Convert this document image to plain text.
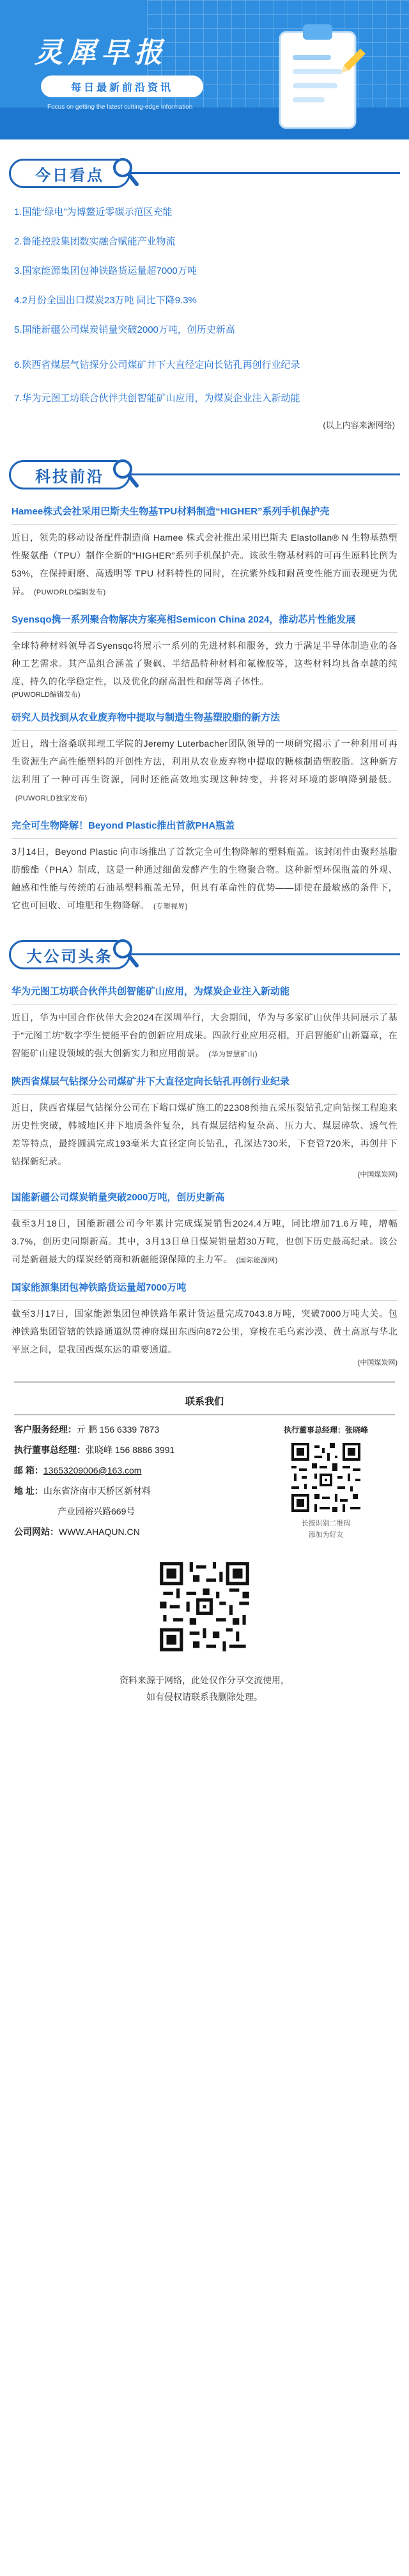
灵犀早报
每日最新前沿资讯
Focus on getting the latest cutting-edge information
今日看点
1.国能“绿电”为博鳌近零碳示范区充能
2.鲁能控股集团数实融合赋能产业物流
3.国家能源集团包神铁路货运量超7000万吨
4.2月份全国出口煤炭23万吨 同比下降9.3%
5.国能新疆公司煤炭销量突破2000万吨，创历史新高
6.陕西省煤层气钻探分公司煤矿井下大直径定向长钻孔再创行业纪录
7.华为元图工坊联合伙伴共创智能矿山应用，为煤炭企业注入新动能
(以上内容来源网络)
科技前沿
Hamee株式会社采用巴斯夫生物基TPU材料制造“HIGHER”系列手机保护壳
近日，领先的移动设备配件制造商 Hamee 株式会社推出采用巴斯夫 Elastollan® N 生物基热塑性聚氨酯（TPU）制作全新的“HIGHER”系列手机保护壳。该款生物基材料的可再生原料比例为 53%，在保持耐磨、高透明等 TPU 材料特性的同时，在抗紫外线和耐黄变性能方面表现更为优异。 (PUWORLD编辑发布)
Syensqo携一系列聚合物解决方案亮相Semicon China 2024，推动芯片性能发展
全球特种材料领导者Syensqo将展示一系列的先进材料和服务，致力于满足半导体制造业的各种工艺需求。其产品组合涵盖了聚砜、半结晶特种材料和氟橡胶等，这些材料均具备卓越的纯度、持久的化学稳定性，以及优化的耐高温性和耐等离子体性。
(PUWORLD编辑发布)
研究人员找到从农业废弃物中提取与制造生物基塑胶脂的新方法
近日，瑞士洛桑联邦理工学院的Jeremy Luterbacher团队领导的一项研究揭示了一种利用可再生资源生产高性能塑料的开创性方法，利用从农业废弃物中提取的糖核制造塑胶脂。这种新方法利用了一种可再生资源，同时还能高效地实现这种转变，并将对环境的影响降到最低。(PUWORLD独家发布)
完全可生物降解！Beyond Plastic推出首款PHA瓶盖
3月14日，Beyond Plastic 向市场推出了首款完全可生物降解的塑料瓶盖。该封闭件由聚羟基脂肪酸酯（PHA）制成，这是一种通过细菌发酵产生的生物聚合物。这种新型环保瓶盖的外观、触感和性能与传统的石油基塑料瓶盖无异，但具有革命性的优势——即使在最敏感的条件下，它也可回收、可堆肥和生物降解。 (专塑视界)
大公司头条
华为元图工坊联合伙伴共创智能矿山应用，为煤炭企业注入新动能
近日，华为中国合作伙伴大会2024在深圳举行，大会期间，华为与多家矿山伙伴共同展示了基于“元图工坊”数字孪生使能平台的创新应用成果。四款行业应用亮相，开启智能矿山新篇章，在智能矿山建设领域的强大创新实力和应用前景。 (华为智慧矿山)
陕西省煤层气钻探分公司煤矿井下大直径定向长钻孔再创行业纪录
近日，陕西省煤层气钻探分公司在下峪口煤矿施工的22308预抽五采压裂钻孔定向钻探工程迎来历史性突破，韩城地区井下地质条件复杂，具有煤层结构复杂高、压力大、煤层碎软、透气性差等特点，最终圆满完成193毫米大直径定向长钻孔，孔深达730米，下套管720米，再创井下钻探新纪录。
(中国煤炭网)
国能新疆公司煤炭销量突破2000万吨，创历史新高
截至3月18日，国能新疆公司今年累计完成煤炭销售2024.4万吨，同比增加71.6万吨，增幅3.7%，创历史同期新高。其中，3月13日单日煤炭销量超30万吨，也创下历史最高纪录。该公司是新疆最大的煤炭经销商和新疆能源保障的主力军。 (国际能源网)
国家能源集团包神铁路货运量超7000万吨
截至3月17日，国家能源集团包神铁路年累计货运量完成7043.8万吨，突破7000万吨大关。包神铁路集团管辖的铁路通道纵贯神府煤田东西向872公里，穿梭在毛乌素沙漠、黄土高原与华北平原之间，是我国西煤东运的重要通道。
(中国煤炭网)
联系我们
客户服务经理：亓 鹏 156 6339 7873
执行董事总经理：张晓峰 156 8886 3991
邮 箱：13653209006@163.com
地 址：山东省济南市天桥区新材料
产业园裕兴路669号
公司网站：WWW.AHAQUN.CN
执行董事总经理：张晓峰
长按识别二维码
添加为好友
资料来源于网络，此处仅作分享交流使用，
如有侵权请联系我删除处理。
